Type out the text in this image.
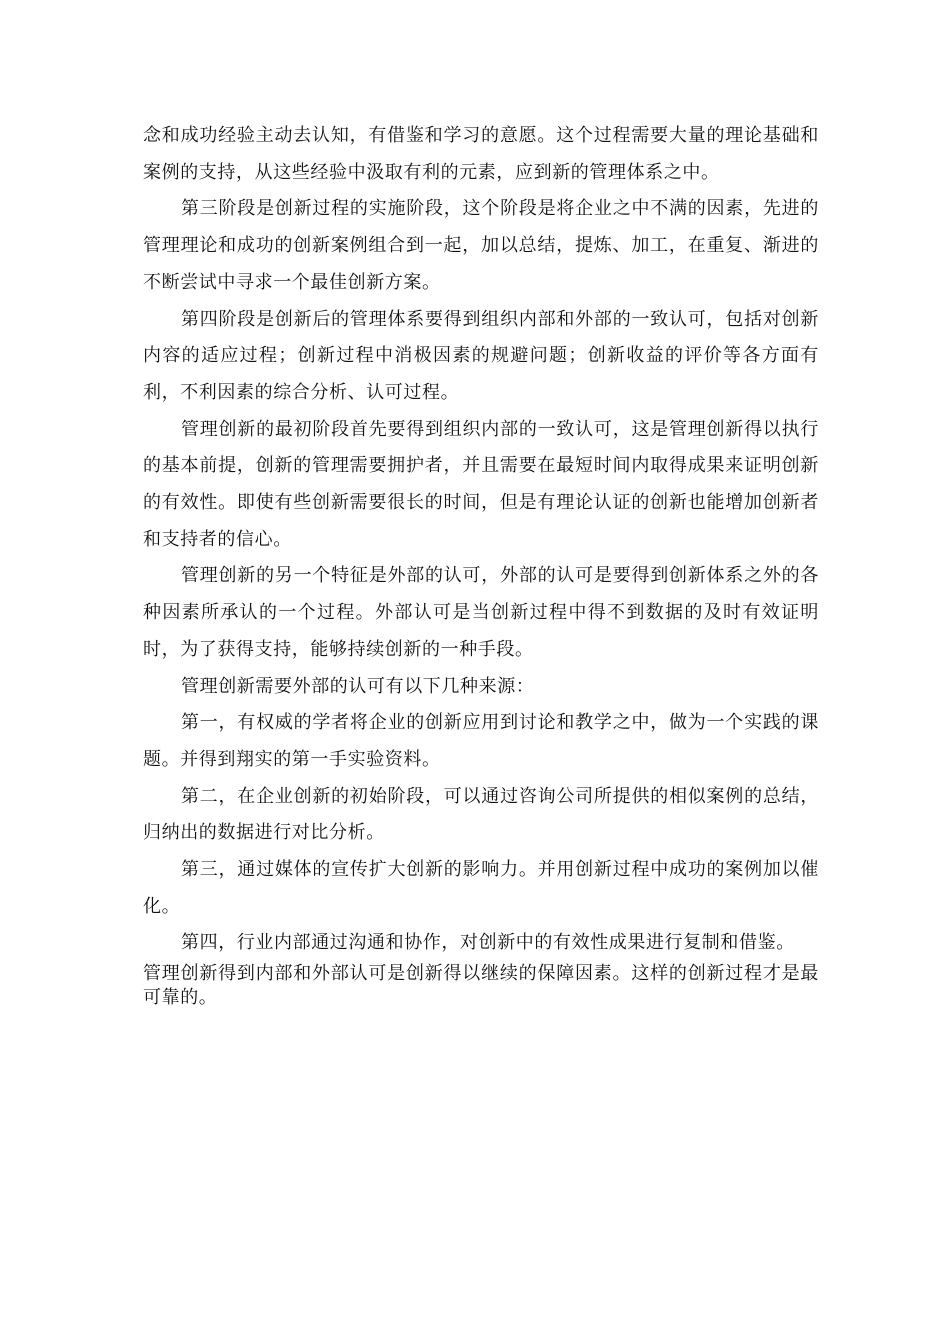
念和成功经验主动去认知，有借鉴和学习的意愿。这个过程需要大量的理论基础和案例的支持，从这些经验中汲取有利的元素，应到新的管理体系之中。

第三阶段是创新过程的实施阶段，这个阶段是将企业之中不满的因素，先进的管理理论和成功的创新案例组合到一起，加以总结，提炼、加工，在重复、渐进的不断尝试中寻求一个最佳创新方案。

第四阶段是创新后的管理体系要得到组织内部和外部的一致认可，包括对创新内容的适应过程；创新过程中消极因素的规避问题；创新收益的评价等各方面有利，不利因素的综合分析、认可过程。

管理创新的最初阶段首先要得到组织内部的一致认可，这是管理创新得以执行的基本前提，创新的管理需要拥护者，并且需要在最短时间内取得成果来证明创新的有效性。即使有些创新需要很长的时间，但是有理论认证的创新也能增加创新者和支持者的信心。

管理创新的另一个特征是外部的认可，外部的认可是要得到创新体系之外的各种因素所承认的一个过程。外部认可是当创新过程中得不到数据的及时有效证明时，为了获得支持，能够持续创新的一种手段。

管理创新需要外部的认可有以下几种来源：

第一，有权威的学者将企业的创新应用到讨论和教学之中，做为一个实践的课题。并得到翔实的第一手实验资料。

第二，在企业创新的初始阶段，可以通过咨询公司所提供的相似案例的总结，归纳出的数据进行对比分析。

第三，通过媒体的宣传扩大创新的影响力。并用创新过程中成功的案例加以催化。

第四，行业内部通过沟通和协作，对创新中的有效性成果进行复制和借鉴。

管理创新得到内部和外部认可是创新得以继续的保障因素。这样的创新过程才是最可靠的。
